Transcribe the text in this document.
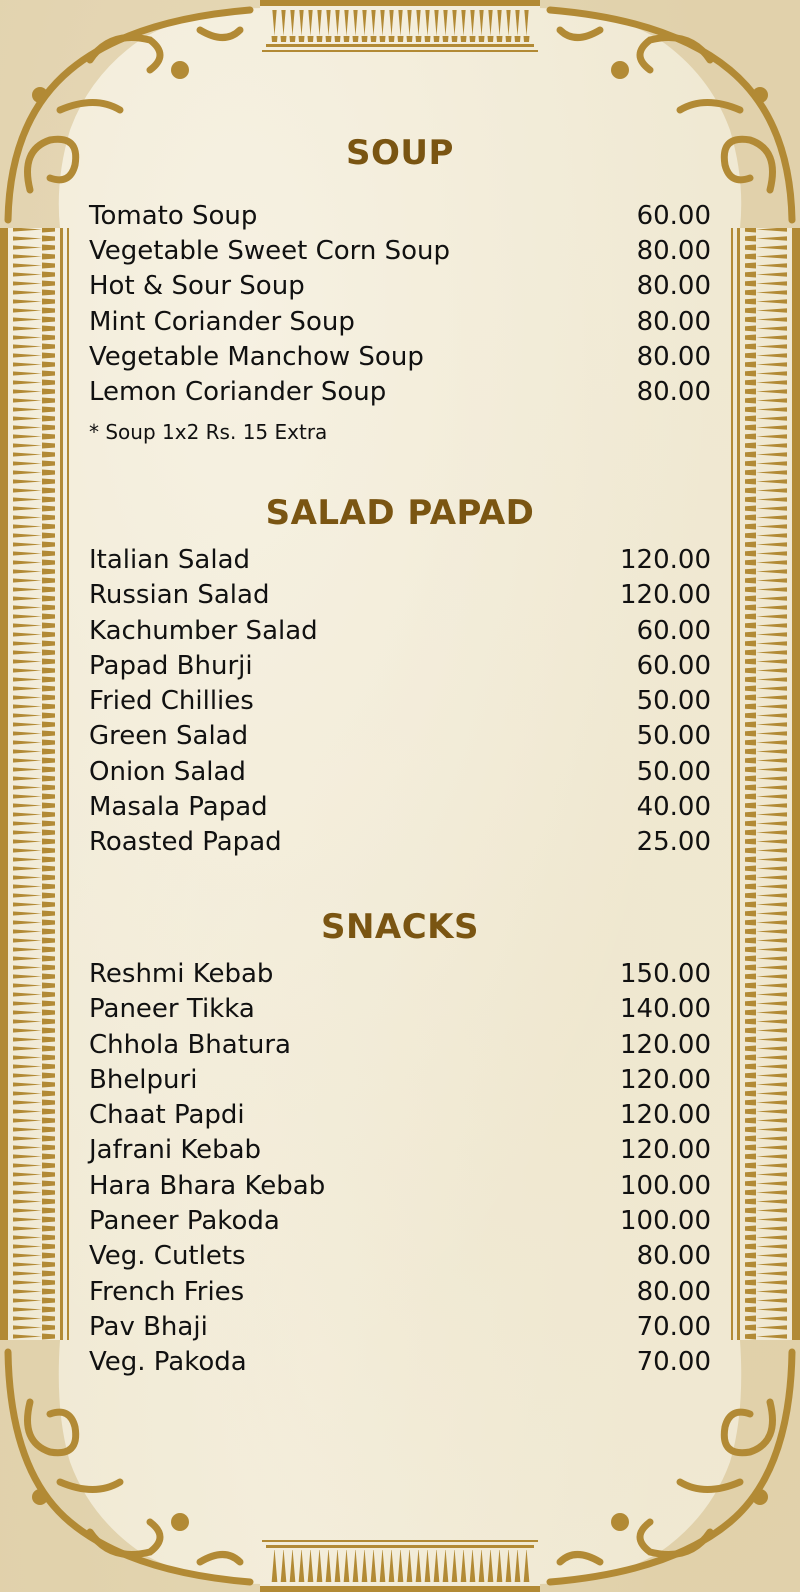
SOUP
Tomato Soup	60.00
Vegetable Sweet Corn Soup	80.00
Hot & Sour Soup	80.00
Mint Coriander Soup	80.00
Vegetable Manchow Soup	80.00
Lemon Coriander Soup	80.00
* Soup 1x2 Rs. 15 Extra
SALAD PAPAD
Italian Salad	120.00
Russian Salad	120.00
Kachumber Salad	60.00
Papad Bhurji	60.00
Fried Chillies	50.00
Green Salad	50.00
Onion Salad	50.00
Masala Papad	40.00
Roasted Papad	25.00
SNACKS
Reshmi Kebab	150.00
Paneer Tikka	140.00
Chhola Bhatura	120.00
Bhelpuri	120.00
Chaat Papdi	120.00
Jafrani Kebab	120.00
Hara Bhara Kebab	100.00
Paneer Pakoda	100.00
Veg. Cutlets	80.00
French Fries	80.00
Pav Bhaji	70.00
Veg. Pakoda	70.00
